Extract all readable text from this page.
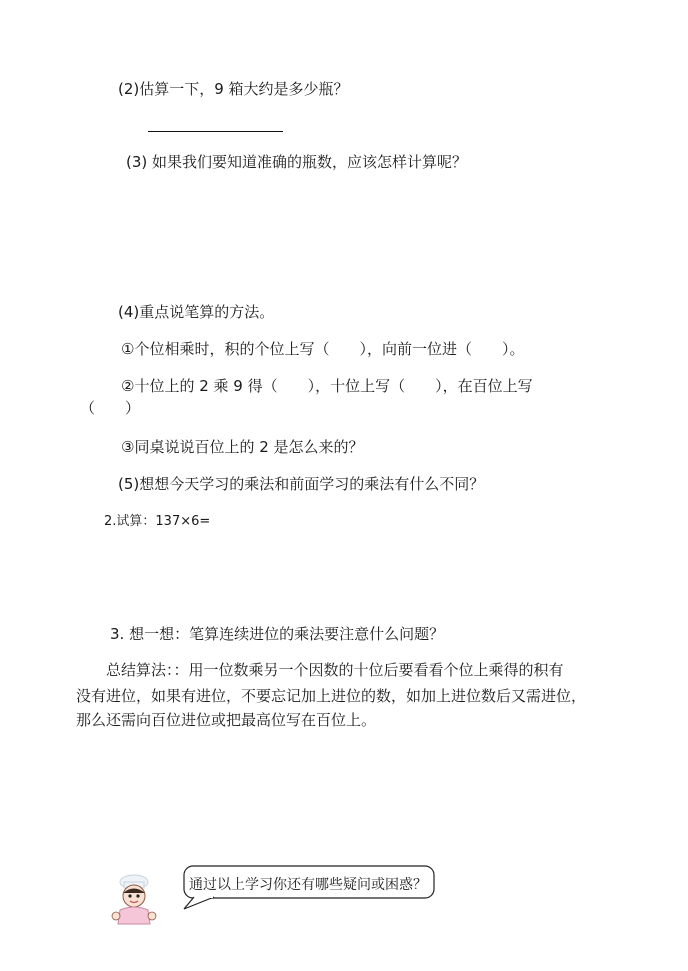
(2)估算一下，9 箱大约是多少瓶？
(3) 如果我们要知道准确的瓶数，应该怎样计算呢？
(4)重点说笔算的方法。
①个位相乘时，积的个位上写（　　），向前一位进（　　）。
②十位上的 2 乘 9 得（　　），十位上写（　　），在百位上写
（　　）
③同桌说说百位上的 2 是怎么来的？
(5)想想今天学习的乘法和前面学习的乘法有什么不同？
2.试算：137×6=
3. 想一想：笔算连续进位的乘法要注意什么问题？
总结算法：：用一位数乘另一个因数的十位后要看看个位上乘得的积有
没有进位，如果有进位，不要忘记加上进位的数，如加上进位数后又需进位，
那么还需向百位进位或把最高位写在百位上。
通过以上学习你还有哪些疑问或困惑？
